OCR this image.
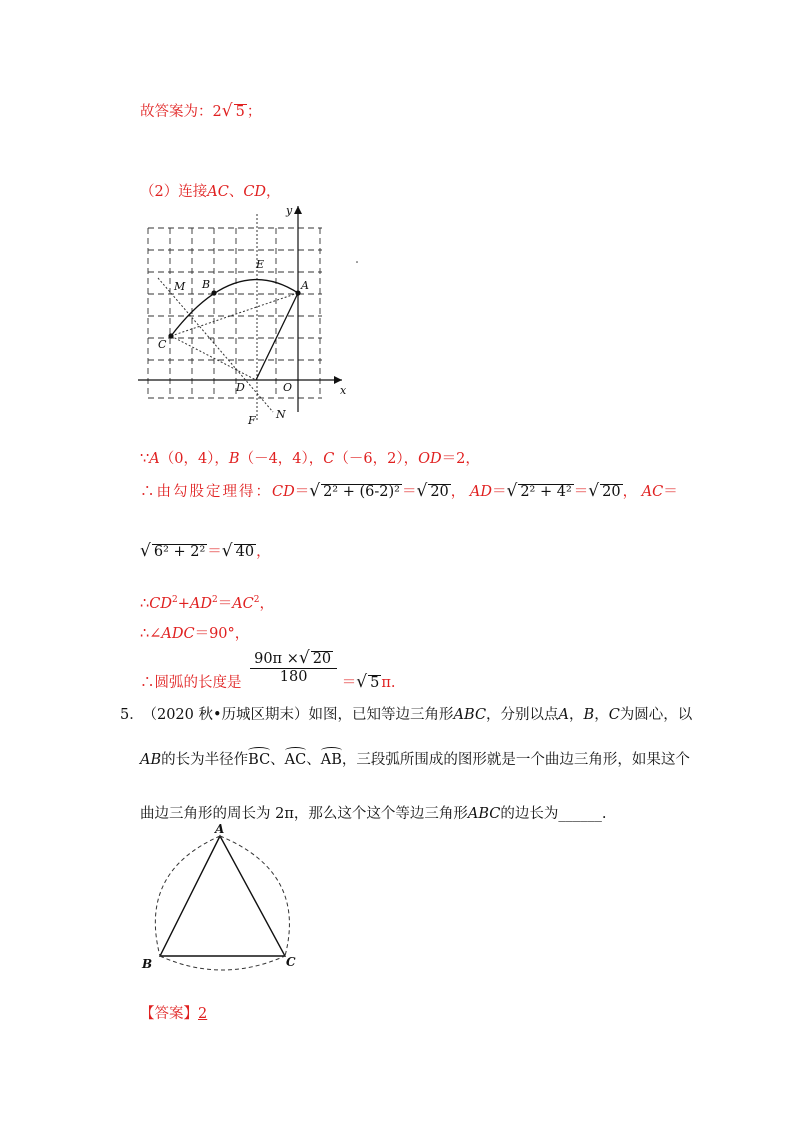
故答案为：2√ 5 ；
（2）连接AC、CD，
y
x
E
M B	A
C
D	O
F N
∵A（0，4），B（－4，4），C（－6，2），OD＝2，
∴由勾股定理得：CD＝√ 2² + (6-2)² ＝√ 20 ， AD＝√ 2² + 4² ＝√ 20 ， AC＝
√ 6² + 2² ＝√ 40 ，
$\therefore CD^2+AD^2=AC^2$，
∴∠ADC＝90°，
∴圆弧的长度是 $\frac{90\pi \times√ 20}{180}$ ＝√ 5 π.
5． （2020 秋•历城区期末）如图，已知等边三角形ABC，分别以点A，B，C为圆心，以
AB的长为半径作BC、AC、AB，三段弧所围成的图形就是一个曲边三角形，如果这个
曲边三角形的周长为 2π，那么这个这个等边三角形ABC的边长为______.
A
B	C
【答案】2
